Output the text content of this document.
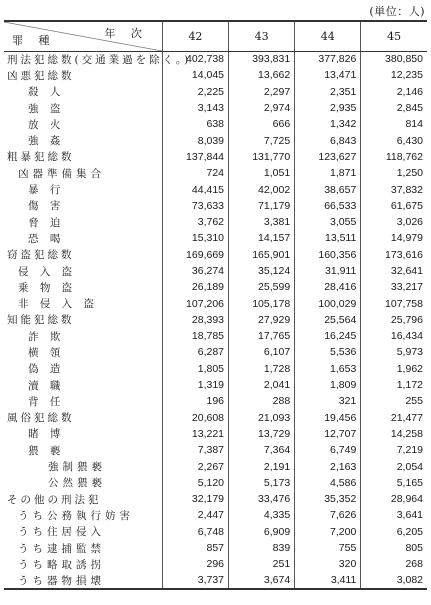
(単位：人)
年 次
罪 種	42	43	44	45
刑法犯総数(交通業過を除く。)	402,738	393,831	377,826	380,850
凶悪犯総数	14,045	13,662	13,471	12,235
殺 人	2,225	2,297	2,351	2,146
強 盗	3,143	2,974	2,935	2,845
放 火	638	666	1,342	814
強 姦	8,039	7,725	6,843	6,430
粗暴犯総数	137,844	131,770	123,627	118,762
凶器準備集合	724	1,051	1,871	1,250
暴 行	44,415	42,002	38,657	37,832
傷 害	73,633	71,179	66,533	61,675
脅 迫	3,762	3,381	3,055	3,026
恐 喝	15,310	14,157	13,511	14,979
窃盗犯総数	169,669	165,901	160,356	173,616
侵 入 盗	36,274	35,124	31,911	32,641
乗 物 盗	26,189	25,599	28,416	33,217
非 侵 入 盗	107,206	105,178	100,029	107,758
知能犯総数	28,393	27,929	25,564	25,796
詐 欺	18,785	17,765	16,245	16,434
横 領	6,287	6,107	5,536	5,973
偽 造	1,805	1,728	1,653	1,962
瀆 職	1,319	2,041	1,809	1,172
背 任	196	288	321	255
風俗犯総数	20,608	21,093	19,456	21,477
賭 博	13,221	13,729	12,707	14,258
猥 褻	7,387	7,364	6,749	7,219
強制猥褻	2,267	2,191	2,163	2,054
公然猥褻	5,120	5,173	4,586	5,165
その他の刑法犯	32,179	33,476	35,352	28,964
うち公務執行妨害	2,447	4,335	7,626	3,641
うち住居侵入	6,748	6,909	7,200	6,205
うち逮捕監禁	857	839	755	805
うち略取誘拐	296	251	320	268
うち器物損壊	3,737	3,674	3,411	3,082
